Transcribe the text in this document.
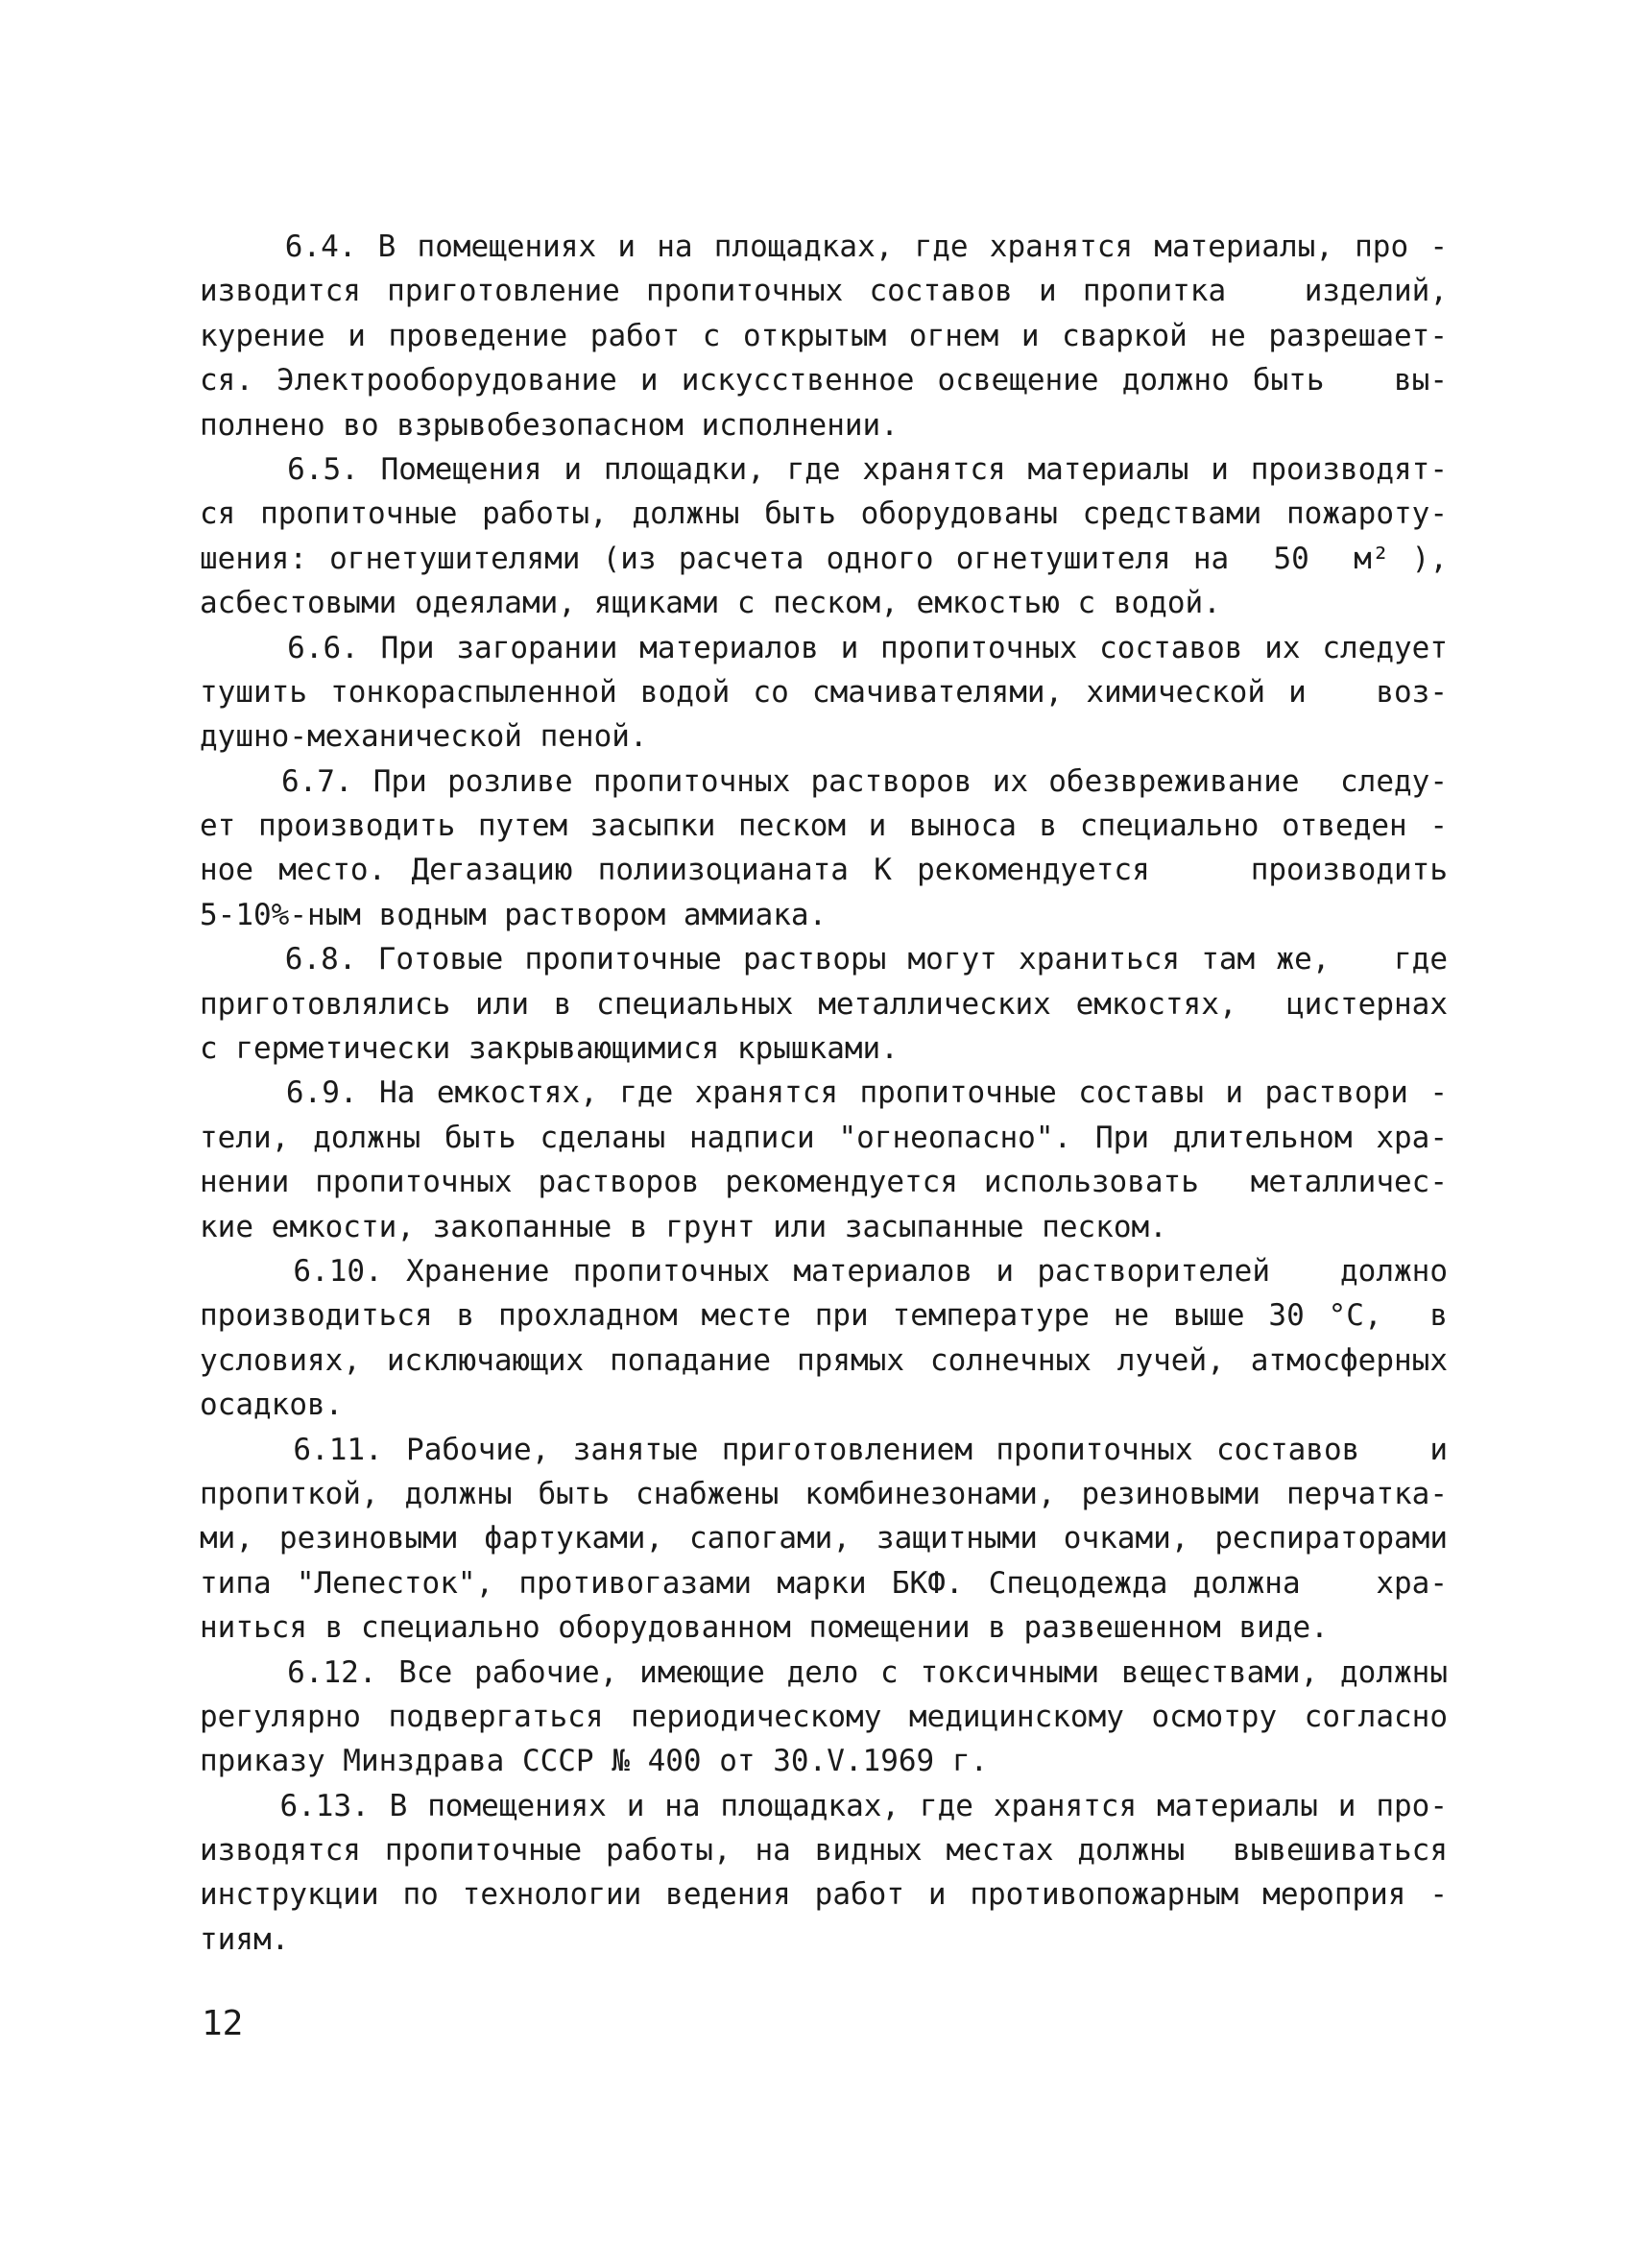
6.4. В помещениях и на площадках, где хранятся материалы, про -
изводится приготовление пропиточных составов и пропитка   изделий,
курение и проведение работ с открытым огнем и сваркой не разрешает-
ся. Электрооборудование и искусственное освещение должно быть   вы-
полнено во взрывобезопасном исполнении.
6.5. Помещения и площадки, где хранятся материалы и производят-
ся пропиточные работы, должны быть оборудованы средствами пожароту-
шения: огнетушителями (из расчета одного огнетушителя на  50  м² ),
асбестовыми одеялами, ящиками с песком, емкостью с водой.
6.6. При загорании материалов и пропиточных составов их следует
тушить тонкораспыленной водой со смачивателями, химической и   воз-
душно-механической пеной.
6.7. При розливе пропиточных растворов их обезвреживание  следу-
ет производить путем засыпки песком и выноса в специально отведен -
ное место. Дегазацию полиизоцианата К рекомендуется    производить
5-10%-ным водным раствором аммиака.
6.8. Готовые пропиточные растворы могут храниться там же,   где
приготовлялись или в специальных металлических емкостях,  цистернах
с герметически закрывающимися крышками.
6.9. На емкостях, где хранятся пропиточные составы и раствори -
тели, должны быть сделаны надписи "огнеопасно". При длительном хра-
нении пропиточных растворов рекомендуется использовать  металличес-
кие емкости, закопанные в грунт или засыпанные песком.
6.10. Хранение пропиточных материалов и растворителей   должно
производиться в прохладном месте при температуре не выше 30 °С,  в
условиях, исключающих попадание прямых солнечных лучей, атмосферных
осадков.
6.11. Рабочие, занятые приготовлением пропиточных составов   и
пропиткой, должны быть снабжены комбинезонами, резиновыми перчатка-
ми, резиновыми фартуками, сапогами, защитными очками, респираторами
типа "Лепесток", противогазами марки БКФ. Спецодежда должна   хра-
ниться в специально оборудованном помещении в развешенном виде.
6.12. Все рабочие, имеющие дело с токсичными веществами, должны
регулярно подвергаться периодическому медицинскому осмотру согласно
приказу Минздрава СССР № 400 от 30.V.1969 г.
6.13. В помещениях и на площадках, где хранятся материалы и про-
изводятся пропиточные работы, на видных местах должны  вывешиваться
инструкции по технологии ведения работ и противопожарным мероприя -
тиям.
12
